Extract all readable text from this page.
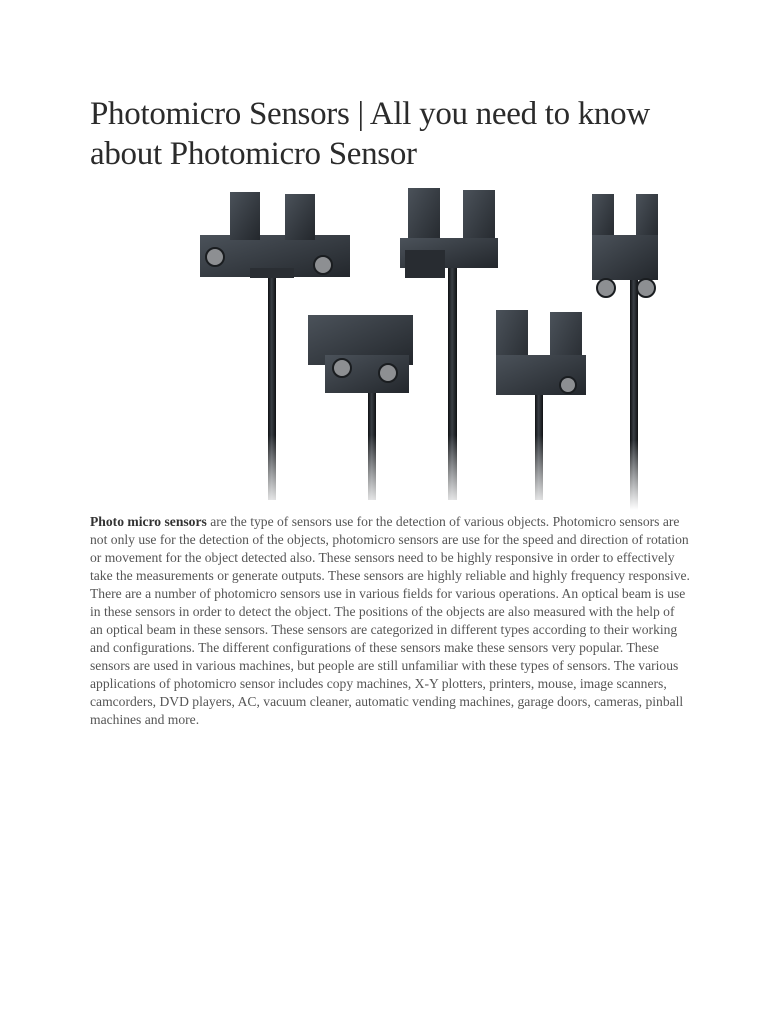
Photomicro Sensors | All you need to know about Photomicro Sensor

Photo micro sensors are the type of sensors use for the detection of various objects. Photomicro sensors are not only use for the detection of the objects, photomicro sensors are use for the speed and direction of rotation or movement for the object detected also. These sensors need to be highly responsive in order to effectively take the measurements or generate outputs. These sensors are highly reliable and highly frequency responsive. There are a number of photomicro sensors use in various fields for various operations. An optical beam is use in these sensors in order to detect the object. The positions of the objects are also measured with the help of an optical beam in these sensors. These sensors are categorized in different types according to their working and configurations. The different configurations of these sensors make these sensors very popular. These sensors are used in various machines, but people are still unfamiliar with these types of sensors. The various applications of photomicro sensor includes copy machines, X-Y plotters, printers, mouse, image scanners, camcorders, DVD players, AC, vacuum cleaner, automatic vending machines, garage doors, cameras, pinball machines and more.
